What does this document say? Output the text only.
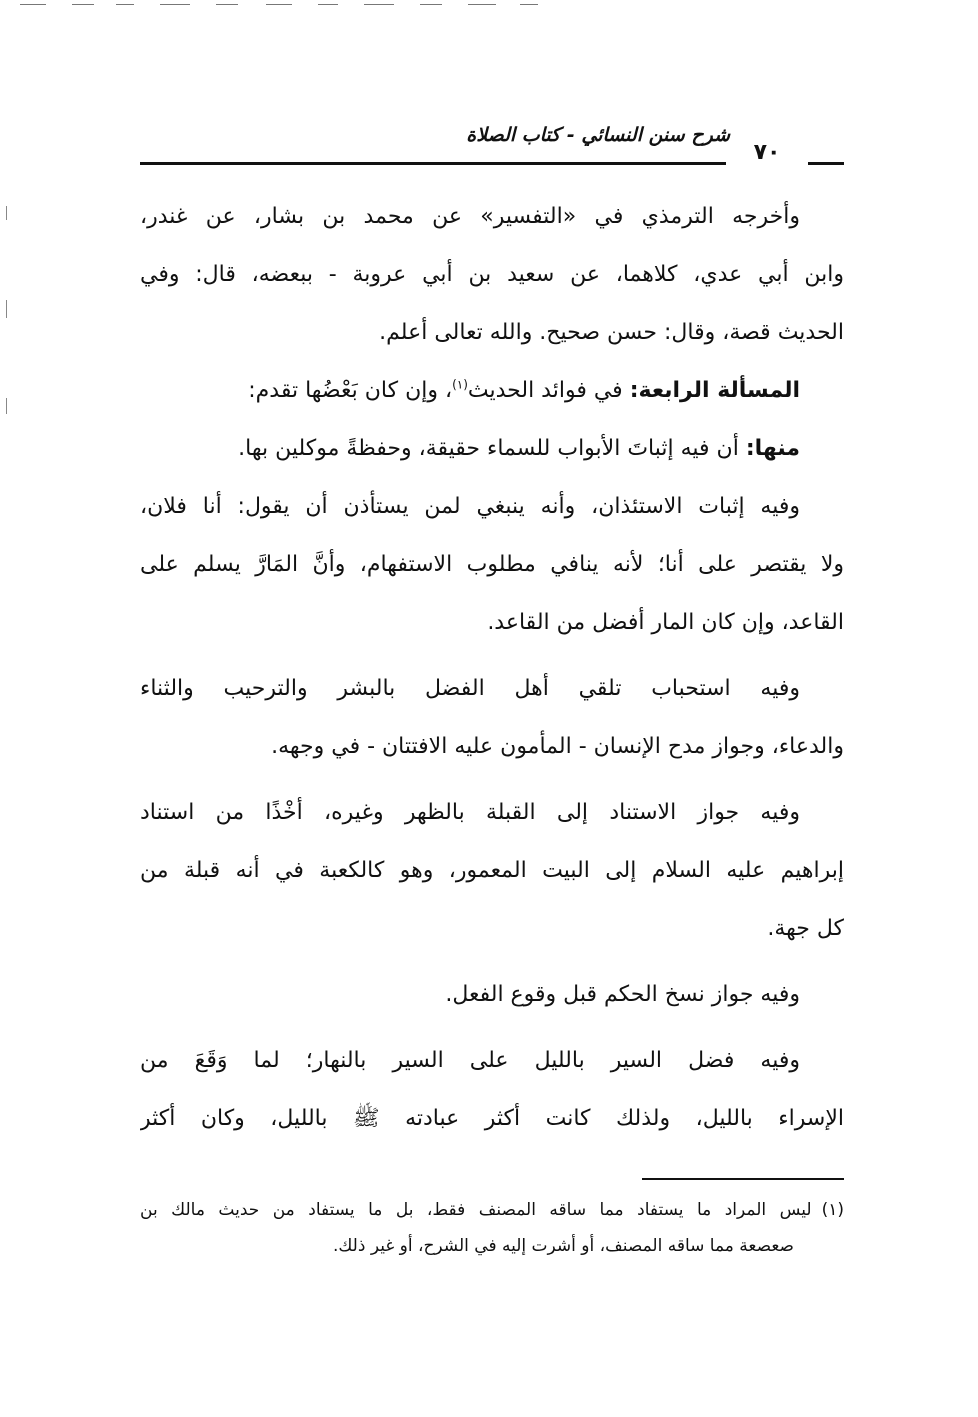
شرح سنن النسائي - كتاب الصلاة
٧٠
وأخرجه الترمذي في «التفسير» عن محمد بن بشار، عن غندر،
وابن أبي عدي، كلاهما، عن سعيد بن أبي عروبة - ببعضه، قال: وفي
الحديث قصة، وقال: حسن صحيح. والله تعالى أعلم.
المسألة الرابعة: في فوائد الحديث$^{(١)}$، وإن كان بَعْضُها تقدم:
منها: أن فيه إثباتَ الأبواب للسماء حقيقة، وحفظةً موكلين بها.
وفيه إثبات الاستئذان، وأنه ينبغي لمن يستأذن أن يقول: أنا فلان،
ولا يقتصر على أنا؛ لأنه ينافي مطلوب الاستفهام، وأنَّ المَارَّ يسلم على
القاعد، وإن كان المار أفضل من القاعد.
وفيه استحباب تلقي أهل الفضل بالبشر والترحيب والثناء
والدعاء، وجواز مدح الإنسان - المأمون عليه الافتتان - في وجهه.
وفيه جواز الاستناد إلى القبلة بالظهر وغيره، أخْذًا من استناد
إبراهيم عليه السلام إلى البيت المعمور، وهو كالكعبة في أنه قبلة من
كل جهة.
وفيه جواز نسخ الحكم قبل وقوع الفعل.
وفيه فضل السير بالليل على السير بالنهار؛ لما وَقَعَ من
الإسراء بالليل، ولذلك كانت أكثر عبادته ﷺ بالليل، وكان أكثر
(١)ليس المراد ما يستفاد مما ساقه المصنف فقط، بل ما يستفاد من حديث مالك بن
صعصعة مما ساقه المصنف، أو أشرت إليه في الشرح، أو غير ذلك.
